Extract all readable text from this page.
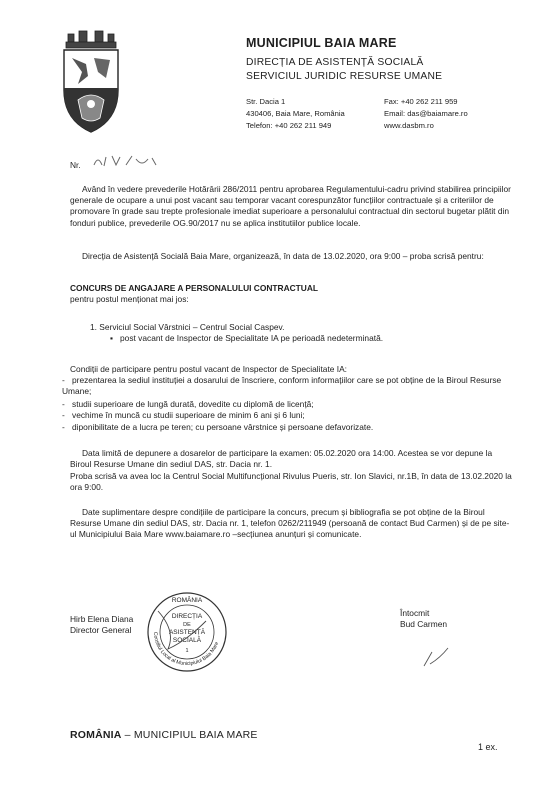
MUNICIPIUL BAIA MARE
DIRECȚIA DE ASISTENȚĂ SOCIALĂ
SERVICIUL JURIDIC RESURSE UMANE
Str. Dacia 1
430406, Baia Mare, România
Telefon: +40 262 211 949
Fax: +40 262 211 959
Email: das@baiamare.ro
www.dasbm.ro
Nr.
Având în vedere prevederile Hotărârii 286/2011 pentru aprobarea Regulamentului-cadru privind stabilirea principiilor generale de ocupare a unui post vacant sau temporar vacant corespunzător funcțiilor contractuale și a criteriilor de promovare în grade sau trepte profesionale imediat superioare a personalului contractual din sectorul bugetar plătit din fonduri publice, prevederile OG.90/2017 nu se aplica institutiilor publice locale.
Direcția de Asistență Socială Baia Mare, organizează, în data de 13.02.2020, ora 9:00 – proba scrisă pentru:
CONCURS DE ANGAJARE A PERSONALULUI CONTRACTUAL
pentru postul menționat mai jos:
1. Serviciul Social Vârstnici – Centrul Social Caspev.
▪ post vacant de Inspector de Specialitate IA pe perioadă nedeterminată.
Condiții de participare pentru postul vacant de Inspector de Specialitate IA:
- prezentarea la sediul instituției a dosarului de înscriere, conform informațiilor care se pot obține de la Biroul Resurse Umane;
- studii superioare de lungă durată, dovedite cu diplomă de licență;
- vechime în muncă cu studii superioare de minim 6 ani și 6 luni;
- diponibilitate de a lucra pe teren; cu persoane vârstnice și persoane defavorizate.
Data limită de depunere a dosarelor de participare la examen: 05.02.2020 ora 14:00. Acestea se vor depune la Biroul Resurse Umane din sediul DAS, str. Dacia nr. 1.
Proba scrisă va avea loc la Centrul Social Multifuncțional Rivulus Pueris, str. Ion Slavici, nr.1B, în data de 13.02.2020 la ora 9:00.
Date suplimentare despre condițiile de participare la concurs, precum și bibliografia se pot obține de la Biroul Resurse Umane din sediul DAS, str. Dacia nr. 1, telefon 0262/211949 (persoană de contact Bud Carmen) și de pe site-ul Municipiului Baia Mare www.baiamare.ro –secțiunea anunțuri și comunicate.
Hirb Elena Diana
Director General
ROMÂNIA
Consiliul Local al Municipiului Baia Mare
DIRECȚIA
DE
ASISTENȚĂ
SOCIALĂ
1
Întocmit
Bud Carmen
ROMÂNIA – MUNICIPIUL BAIA MARE
1 ex.
